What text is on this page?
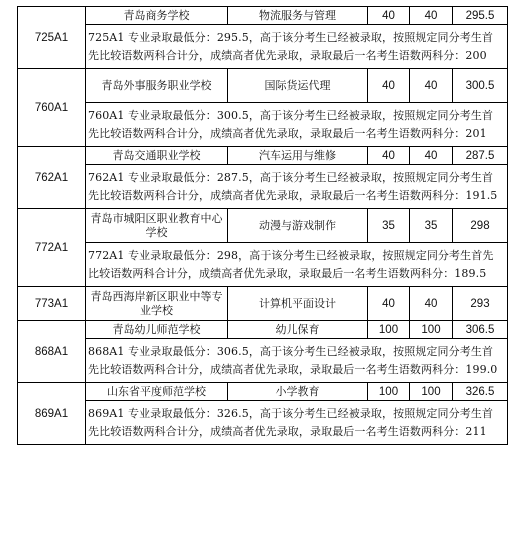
725A1	青岛商务学校	物流服务与管理	40	40	295.5
	725A1 专业录取最低分：295.5，高于该分考生已经被录取，按照规定同分考生首先比较语数两科合计分，成绩高者优先录取，录取最后一名考生语数两科分：200				
760A1	青岛外事服务职业学校	国际货运代理	40	40	300.5
	760A1 专业录取最低分：300.5，高于该分考生已经被录取，按照规定同分考生首先比较语数两科合计分，成绩高者优先录取，录取最后一名考生语数两科分：201				
762A1	青岛交通职业学校	汽车运用与维修	40	40	287.5
	762A1 专业录取最低分：287.5，高于该分考生已经被录取，按照规定同分考生首先比较语数两科合计分，成绩高者优先录取，录取最后一名考生语数两科分：191.5				
772A1	青岛市城阳区职业教育中心学校	动漫与游戏制作	35	35	298
	772A1 专业录取最低分：298，高于该分考生已经被录取，按照规定同分考生首先比较语数两科合计分，成绩高者优先录取，录取最后一名考生语数两科分：189.5				
773A1	青岛西海岸新区职业中等专业学校	计算机平面设计	40	40	293
868A1	青岛幼儿师范学校	幼儿保育	100	100	306.5
	868A1 专业录取最低分：306.5，高于该分考生已经被录取，按照规定同分考生首先比较语数两科合计分，成绩高者优先录取，录取最后一名考生语数两科分：199.0				
869A1	山东省平度师范学校	小学教育	100	100	326.5
	869A1 专业录取最低分：326.5，高于该分考生已经被录取，按照规定同分考生首先比较语数两科合计分，成绩高者优先录取，录取最后一名考生语数两科分：211				
